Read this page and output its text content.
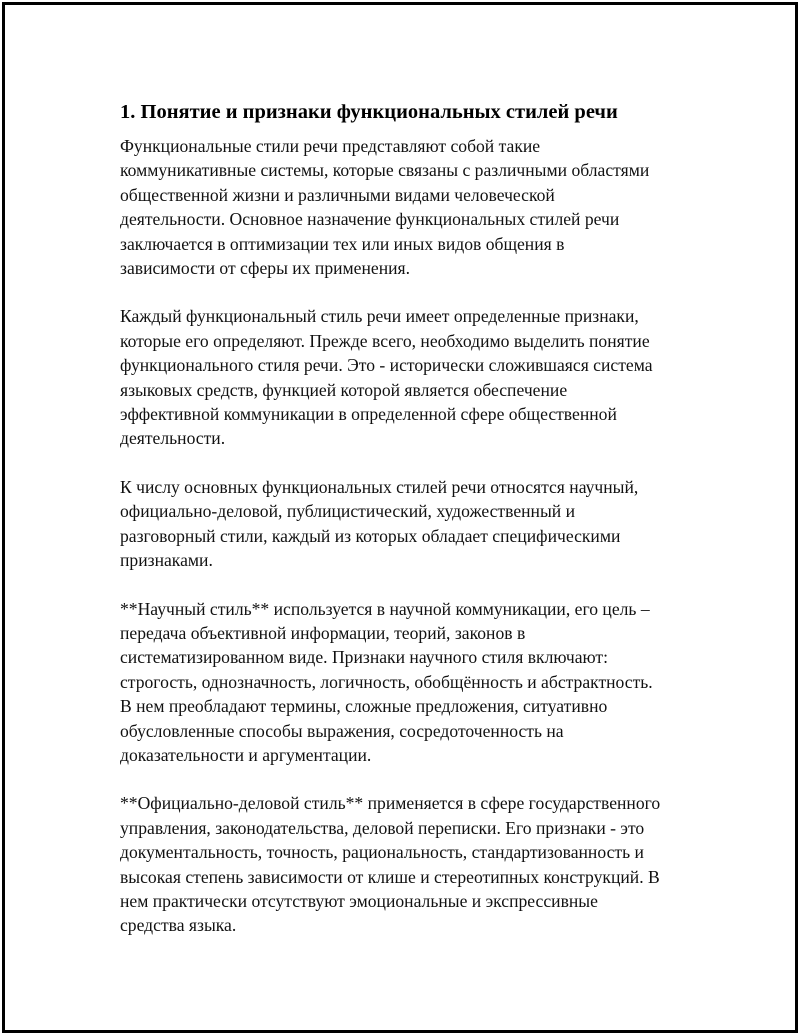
1. Понятие и признаки функциональных стилей речи
Функциональные стили речи представляют собой такие
коммуникативные системы, которые связаны с различными областями
общественной жизни и различными видами человеческой
деятельности. Основное назначение функциональных стилей речи
заключается в оптимизации тех или иных видов общения в
зависимости от сферы их применения.
Каждый функциональный стиль речи имеет определенные признаки,
которые его определяют. Прежде всего, необходимо выделить понятие
функционального стиля речи. Это - исторически сложившаяся система
языковых средств, функцией которой является обеспечение
эффективной коммуникации в определенной сфере общественной
деятельности.
К числу основных функциональных стилей речи относятся научный,
официально-деловой, публицистический, художественный и
разговорный стили, каждый из которых обладает специфическими
признаками.
**Научный стиль** используется в научной коммуникации, его цель –
передача объективной информации, теорий, законов в
систематизированном виде. Признаки научного стиля включают:
строгость, однозначность, логичность, обобщённость и абстрактность.
В нем преобладают термины, сложные предложения, ситуативно
обусловленные способы выражения, сосредоточенность на
доказательности и аргументации.
**Официально-деловой стиль** применяется в сфере государственного
управления, законодательства, деловой переписки. Его признаки - это
документальность, точность, рациональность, стандартизованность и
высокая степень зависимости от клише и стереотипных конструкций. В
нем практически отсутствуют эмоциональные и экспрессивные
средства языка.
